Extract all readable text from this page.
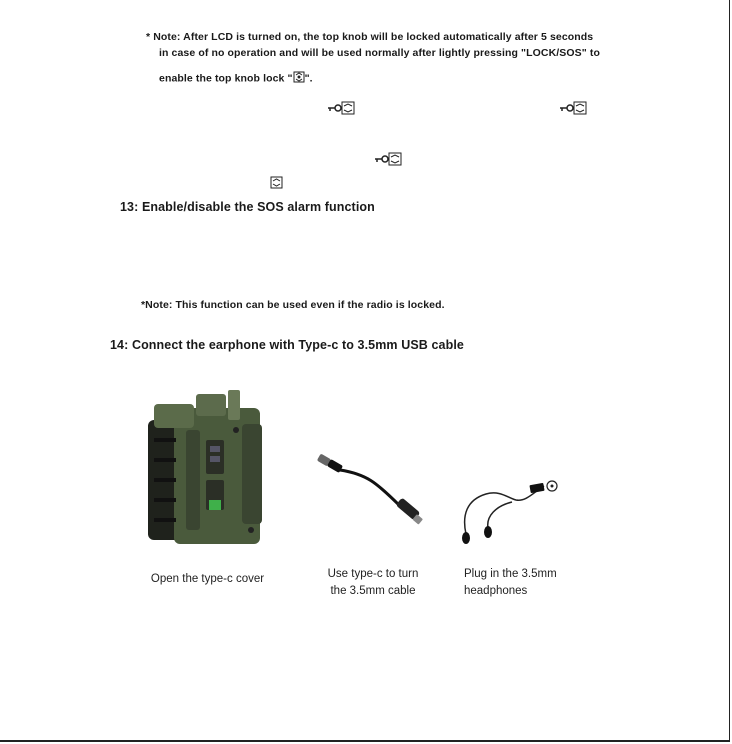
* Note: After LCD is turned on, the top knob will be locked automatically after 5 seconds
in case of no operation and will be used normally after lightly pressing "LOCK/SOS" to
enable the top knob lock " ".
13: Enable/disable the SOS alarm function
*Note: This function can be used even if the radio is locked.
14: Connect the earphone with Type-c to 3.5mm USB cable
Open the type-c cover	Use type-c to turn
the 3.5mm cable
Plug in the 3.5mm
headphones
